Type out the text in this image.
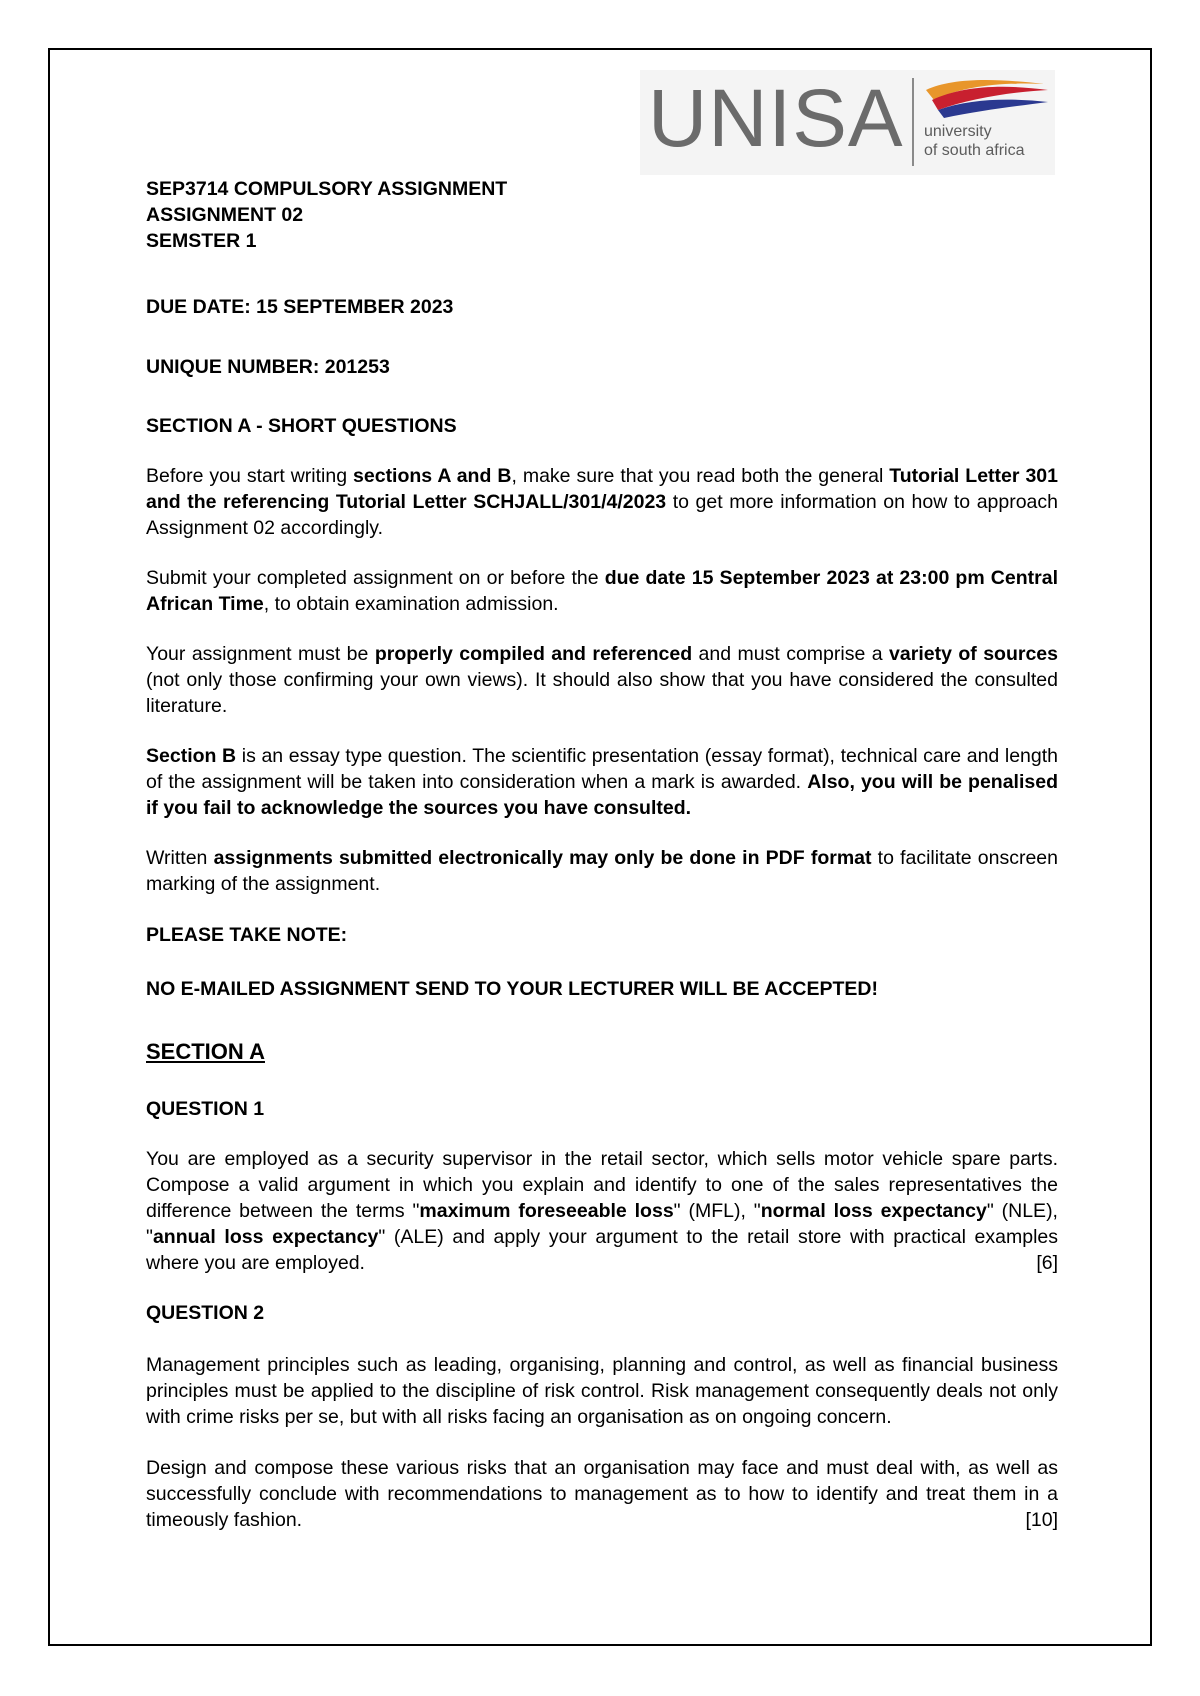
UNISA university
of south africa

SEP3714 COMPULSORY ASSIGNMENT

ASSIGNMENT 02

SEMSTER 1

DUE DATE: 15 SEPTEMBER 2023

UNIQUE NUMBER: 201253

SECTION A - SHORT QUESTIONS

Before you start writing sections A and B, make sure that you read both the general Tutorial Letter 301 and the referencing Tutorial Letter SCHJALL/301/4/2023 to get more information on how to approach Assignment 02 accordingly.

Submit your completed assignment on or before the due date 15 September 2023 at 23:00 pm Central African Time, to obtain examination admission.

Your assignment must be properly compiled and referenced and must comprise a variety of sources (not only those confirming your own views). It should also show that you have considered the consulted literature.

Section B is an essay type question. The scientific presentation (essay format), technical care and length of the assignment will be taken into consideration when a mark is awarded. Also, you will be penalised if you fail to acknowledge the sources you have consulted.

Written assignments submitted electronically may only be done in PDF format to facilitate onscreen marking of the assignment.

PLEASE TAKE NOTE:

NO E-MAILED ASSIGNMENT SEND TO YOUR LECTURER WILL BE ACCEPTED!

SECTION A

QUESTION 1

You are employed as a security supervisor in the retail sector, which sells motor vehicle spare parts. Compose a valid argument in which you explain and identify to one of the sales representatives the difference between the terms "maximum foreseeable loss" (MFL), "normal loss expectancy" (NLE), "annual loss expectancy" (ALE) and apply your argument to the retail store with practical examples where you are employed.	[6]

QUESTION 2

Management principles such as leading, organising, planning and control, as well as financial business principles must be applied to the discipline of risk control. Risk management consequently deals not only with crime risks per se, but with all risks facing an organisation as on ongoing concern.

Design and compose these various risks that an organisation may face and must deal with, as well as successfully conclude with recommendations to management as to how to identify and treat them in a timeously fashion.	[10]
